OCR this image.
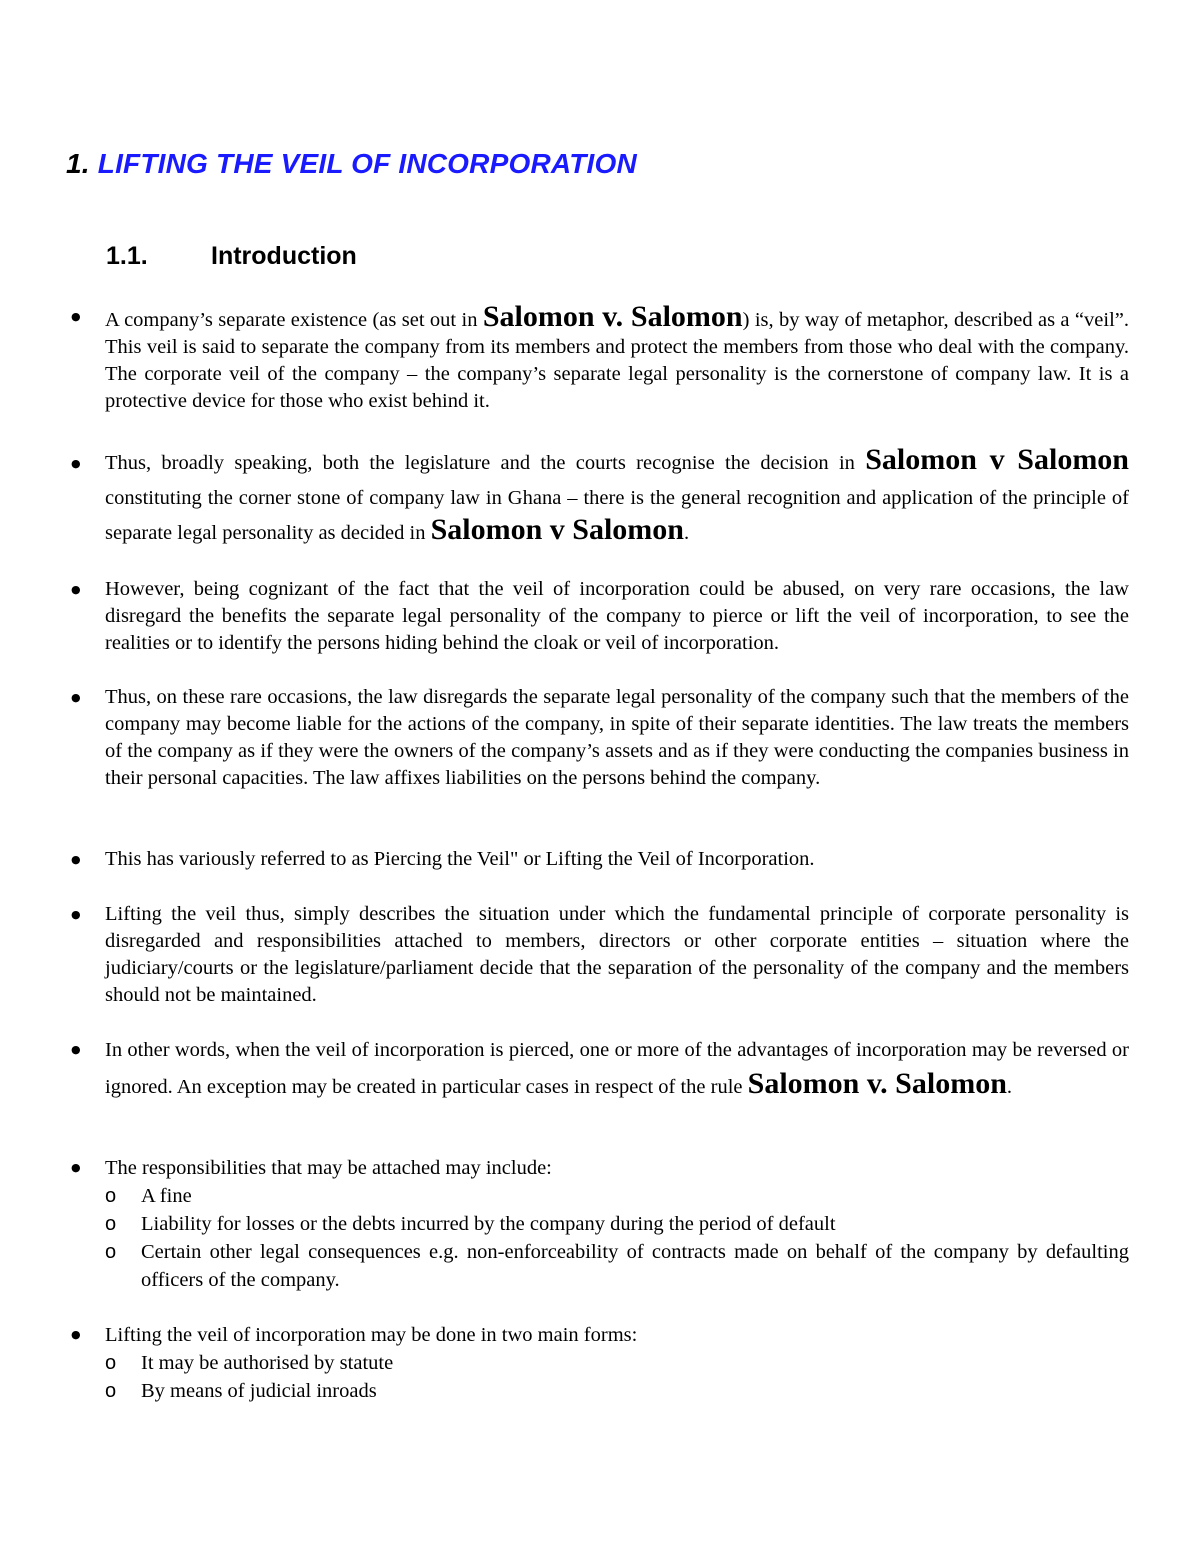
1. LIFTING THE VEIL OF INCORPORATION
1.1.	Introduction
● A company’s separate existence (as set out in Salomon v. Salomon) is, by way of metaphor, described as a “veil”. This veil is said to separate the company from its members and protect the members from those who deal with the company. The corporate veil of the company – the company’s separate legal personality is the cornerstone of company law. It is a protective device for those who exist behind it.
● Thus, broadly speaking, both the legislature and the courts recognise the decision in Salomon v Salomon constituting the corner stone of company law in Ghana – there is the general recognition and application of the principle of separate legal personality as decided in Salomon v Salomon.
● However, being cognizant of the fact that the veil of incorporation could be abused, on very rare occasions, the law disregard the benefits the separate legal personality of the company to pierce or lift the veil of incorporation, to see the realities or to identify the persons hiding behind the cloak or veil of incorporation.
● Thus, on these rare occasions, the law disregards the separate legal personality of the company such that the members of the company may become liable for the actions of the company, in spite of their separate identities. The law treats the members of the company as if they were the owners of the company’s assets and as if they were conducting the companies business in their personal capacities. The law affixes liabilities on the persons behind the company.
● This has variously referred to as Piercing the Veil" or Lifting the Veil of Incorporation.
● Lifting the veil thus, simply describes the situation under which the fundamental principle of corporate personality is disregarded and responsibilities attached to members, directors or other corporate entities – situation where the judiciary/courts or the legislature/parliament decide that the separation of the personality of the company and the members should not be maintained.
● In other words, when the veil of incorporation is pierced, one or more of the advantages of incorporation may be reversed or ignored. An exception may be created in particular cases in respect of the rule Salomon v. Salomon.
● The responsibilities that may be attached may include:
o A fine
o Liability for losses or the debts incurred by the company during the period of default
o Certain other legal consequences e.g. non-enforceability of contracts made on behalf of the company by defaulting officers of the company.
● Lifting the veil of incorporation may be done in two main forms:
o It may be authorised by statute
o By means of judicial inroads
